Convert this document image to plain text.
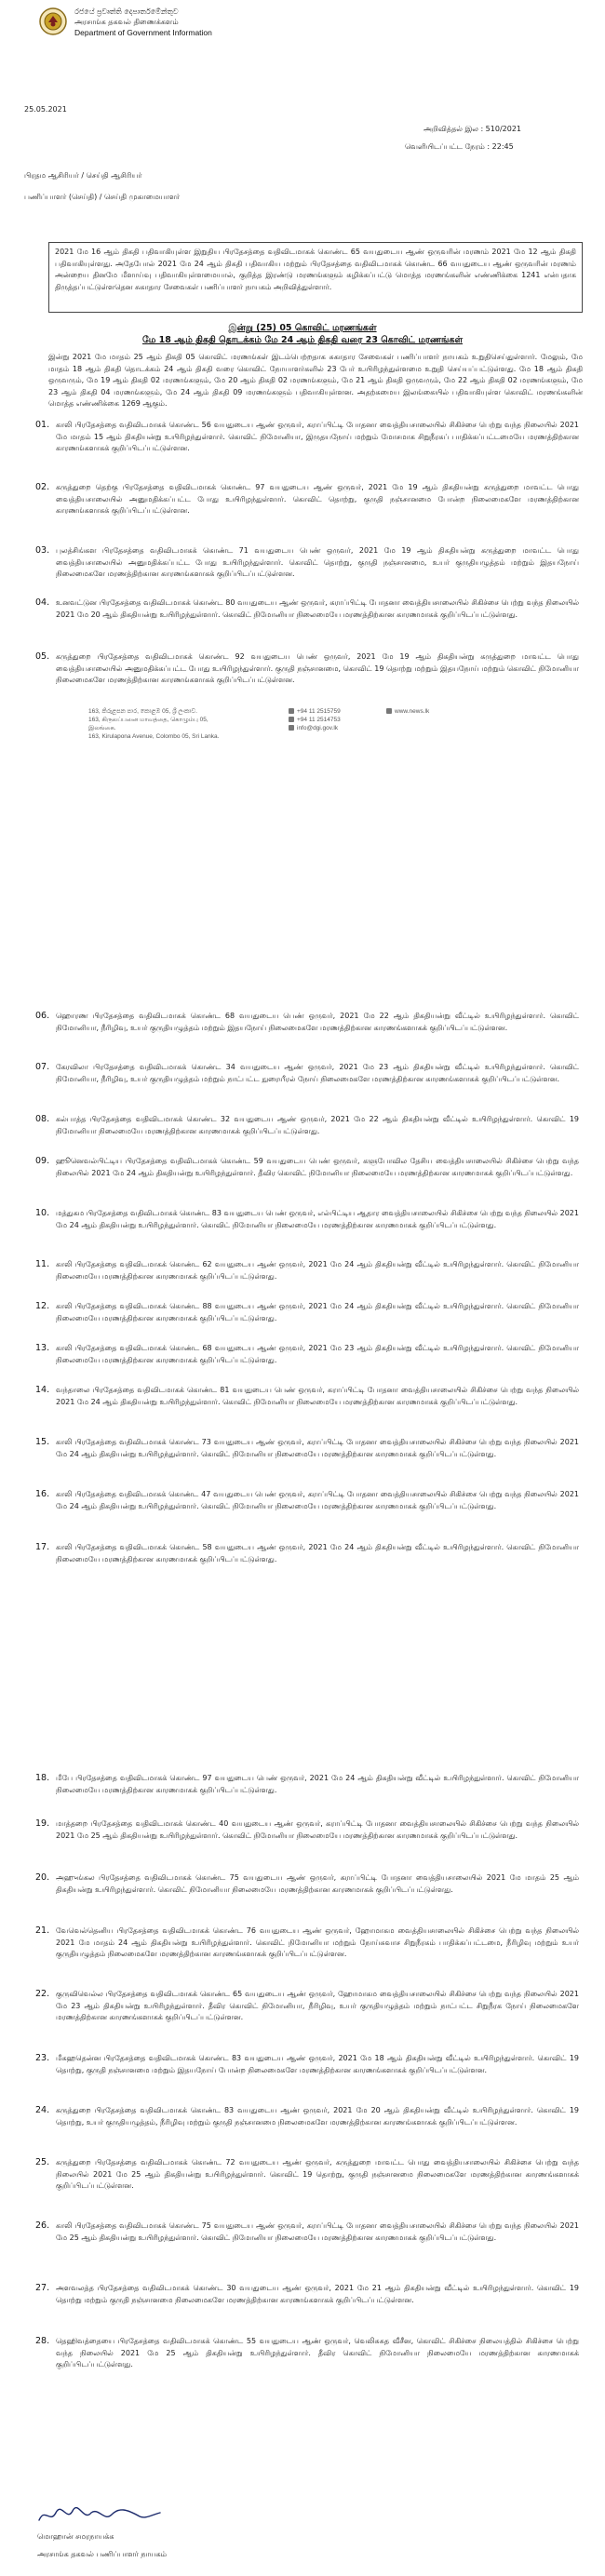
රජයේ ප්‍රවෘත්ති දෙපාර්තමේන්තුව
அரசாங்க தகவல் திணைக்களம்
Department of Government Information
25.05.2021
அறிவித்தல் இல : 510/2021
வெளியிடப்பட்ட நேரம் : 22:45
பிரதம ஆசிரியர் / செய்தி ஆசிரியர்
பணிப்பாளர் (செய்தி) / செய்தி முகாமையாளர்
2021 மே 16 ஆம் திகதி பதிவாகியுள்ள இறுதிய பிரதேசத்தை வதிவிடமாகக் கொண்ட 65 வயதுடைய ஆண் ஒருவரின் மரணம் 2021 மே 12 ஆம் திகதி பதிவாகியுள்ளது. அதேபோல் 2021 மே 24 ஆம் திகதி பதிவாகிய மற்றும் பிரதேசத்தை வதிவிடமாகக் கொண்ட 66 வயதுடைய ஆண் ஒருவரின் மரணம் அன்றைய தினமே மீளாய்வு பதிவாகியுள்ளமையால், குறித்த இரண்டு மரணங்களும் கழிக்கப்பட்டு மொத்த மரணங்களின் எண்ணிக்கை 1241 என்பதாக திருத்தப்பட்டுள்ளதென சுகாதார சேவைகள் பணிப்பாளர் நாயகம் அறிவித்துள்ளார்.
இன்று (25) 05 கொவிட் மரணங்கள்
மே 18 ஆம் திகதி தொடக்கம் மே 24 ஆம் திகதி வரை 23 கொவிட் மரணங்கள்
இன்று 2021 மே மாதம் 25 ஆம் திகதி 05 கொவிட் மரணங்கள் இடம்பெற்றதாக சுகாதார சேவைகள் பணிப்பாளர் நாயகம் உறுதிசெய்துள்ளார். மேலும், மே மாதம் 18 ஆம் திகதி தொடக்கம் 24 ஆம் திகதி வரை கொவிட் நோயாளர்களில் 23 பேர் உயிரிழந்துள்ளமை உறுதி செய்யப்பட்டுள்ளது. மே 18 ஆம் திகதி ஒருவரும், மே 19 ஆம் திகதி 02 மரணங்களும், மே 20 ஆம் திகதி 02 மரணங்களும், மே 21 ஆம் திகதி ஒருவரும், மே 22 ஆம் திகதி 02 மரணங்களும், மே 23 ஆம் திகதி 04 மரணங்களும், மே 24 ஆம் திகதி 09 மரணங்களும் பதிவாகியுள்ளன. அதற்கமைய இலங்கையில் பதிவாகியுள்ள கொவிட் மரணங்களின் மொத்த எண்ணிக்கை 1269 ஆகும்.
01. காலி பிரதேசத்தை வதிவிடமாகக் கொண்ட 56 வயதுடைய ஆண் ஒருவர், கராப்பிட்டி போதனா வைத்தியசாலையில் சிகிச்சை பெற்று வந்த நிலையில் 2021 மே மாதம் 15 ஆம் திகதியன்று உயிரிழந்துள்ளார். கொவிட் நிமோனியா, இருதயநோய் மற்றும் மோசமாக சிறுநீரகப் பாதிக்கப்பட்டமையே மரணத்திற்கான காரணங்களாகக் குறிப்பிடப்பட்டுள்ளன.
02. கருத்துறை தெற்கு பிரதேசத்தை வதிவிடமாகக் கொண்ட 97 வயதுடைய ஆண் ஒருவர், 2021 மே 19 ஆம் திகதியன்று கருத்துறை மாவட்ட பொது வைத்தியசாலையில் அனுமதிக்கப்பட்ட போது உயிரிழந்துள்ளார். கொவிட் தொற்று, குருதி நஞ்சானமை போன்ற நிலைமைகளே மரணத்திற்கான காரணங்களாகக் குறிப்பிடப்பட்டுள்ளன.
03. புலத்சிங்கள பிரதேசத்தை வதிவிடமாகக் கொண்ட 71 வயதுடைய பெண் ஒருவர், 2021 மே 19 ஆம் திகதியன்று கருத்துறை மாவட்ட பொது வைத்தியசாலையில் அனுமதிக்கப்பட்ட போது உயிரிழந்துள்ளார். கொவிட் தொற்று, குருதி நஞ்சானமை, உயர் குருதியழுத்தம் மற்றும் இதயநோய் நிலைமைகளே மரணத்திற்கான காரணங்களாகக் குறிப்பிடப்பட்டுள்ளன.
04. உனவட்டுன பிரதேசத்தை வதிவிடமாகக் கொண்ட 80 வயதுடைய ஆண் ஒருவர், கராப்பிட்டி போதனா வைத்தியசாலையில் சிகிச்சை பெற்று வந்த நிலையில் 2021 மே 20 ஆம் திகதியன்று உயிரிழந்துள்ளார். கொவிட் நிமோனியா நிலைமையே மரணத்திற்கான காரணமாகக் குறிப்பிடப்பட்டுள்ளது.
05. கருத்துறை பிரதேசத்தை வதிவிடமாகக் கொண்ட 92 வயதுடைய பெண் ஒருவர், 2021 மே 19 ஆம் திகதியன்று கருத்துறை மாவட்ட பொது வைத்தியசாலையில் அனுமதிக்கப்பட்ட போது உயிரிழந்துள்ளார். குருதி நஞ்சானமை, கொவிட் 19 தொற்று மற்றும் இதயநோய் மற்றும் கொவிட் நிமோனியா நிலைமைகளே மரணத்திற்கான காரணங்களாகக் குறிப்பிடப்பட்டுள்ளன.
163, කිරුළපන පාර, කොළඹ 05, ශ්‍රී ලංකාව.
163, கிருலப்பனை மாவத்தை, கொழும்பு 05, இலங்கை.
163, Kirulapona Avenue, Colombo 05, Sri Lanka.
+94 11 2515759
+94 11 2514753
info@dgi.gov.lk
www.news.lk
06. ஹொரண பிரதேசத்தை வதிவிடமாகக் கொண்ட 68 வயதுடைய பெண் ஒருவர், 2021 மே 22 ஆம் திகதியன்று வீட்டில் உயிரிழந்துள்ளார். கொவிட் நிமோனியா, நீரிழிவு, உயர் குருதியழுத்தம் மற்றும் இதயநோய் நிலைமைகளே மரணத்திற்கான காரணங்களாகக் குறிப்பிடப்பட்டுள்ளன.
07. கேரவிலா பிரதேசத்தை வதிவிடமாகக் கொண்ட 34 வயதுடைய ஆண் ஒருவர், 2021 மே 23 ஆம் திகதியன்று வீட்டில் உயிரிழந்துள்ளார். கொவிட் நிமோனியா, நீரிழிவு, உயர் குருதியழுத்தம் மற்றும் நாட்பட்ட நுரையீரல் நோய் நிலைமைகளே மரணத்திற்கான காரணங்களாகக் குறிப்பிடப்பட்டுள்ளன.
08. கல்பாத்த பிரதேசத்தை வதிவிடமாகக் கொண்ட 32 வயதுடைய ஆண் ஒருவர், 2021 மே 22 ஆம் திகதியன்று வீட்டில் உயிரிழந்துள்ளார். கொவிட் 19 நிமோனியா நிலைமையே மரணத்திற்கான காரணமாகக் குறிப்பிடப்பட்டுள்ளது.
09. ஹூனெவல்பிட்டிய பிரதேசத்தை வதிவிடமாகக் கொண்ட 59 வயதுடைய பெண் ஒருவர், களுபோவில தேசிய வைத்தியசாலையில் சிகிச்சை பெற்று வந்த நிலையில் 2021 மே 24 ஆம் திகதியன்று உயிரிழந்துள்ளார். தீவிர கொவிட் நிமோனியா நிலைமையே மரணத்திற்கான காரணமாகக் குறிப்பிடப்பட்டுள்ளது.
10. மத்துகம பிரதேசத்தை வதிவிடமாகக் கொண்ட 83 வயதுடைய பெண் ஒருவர், எல்பிட்டிய ஆதார வைத்தியசாலையில் சிகிச்சை பெற்று வந்த நிலையில் 2021 மே 24 ஆம் திகதியன்று உயிரிழந்துள்ளார். கொவிட் நிமோனியா நிலைமையே மரணத்திற்கான காரணமாகக் குறிப்பிடப்பட்டுள்ளது.
11. காலி பிரதேசத்தை வதிவிடமாகக் கொண்ட 62 வயதுடைய ஆண் ஒருவர், 2021 மே 24 ஆம் திகதியன்று வீட்டில் உயிரிழந்துள்ளார். கொவிட் நிமோனியா நிலைமையே மரணத்திற்கான காரணமாகக் குறிப்பிடப்பட்டுள்ளது.
12. காலி பிரதேசத்தை வதிவிடமாகக் கொண்ட 88 வயதுடைய ஆண் ஒருவர், 2021 மே 24 ஆம் திகதியன்று வீட்டில் உயிரிழந்துள்ளார். கொவிட் நிமோனியா நிலைமையே மரணத்திற்கான காரணமாகக் குறிப்பிடப்பட்டுள்ளது.
13. காலி பிரதேசத்தை வதிவிடமாகக் கொண்ட 68 வயதுடைய ஆண் ஒருவர், 2021 மே 23 ஆம் திகதியன்று வீட்டில் உயிரிழந்துள்ளார். கொவிட் நிமோனியா நிலைமையே மரணத்திற்கான காரணமாகக் குறிப்பிடப்பட்டுள்ளது.
14. வந்தாலை பிரதேசத்தை வதிவிடமாகக் கொண்ட 81 வயதுடைய பெண் ஒருவர், கராப்பிட்டி போதனா வைத்தியசாலையில் சிகிச்சை பெற்று வந்த நிலையில் 2021 மே 24 ஆம் திகதியன்று உயிரிழந்துள்ளார். கொவிட் நிமோனியா நிலைமையே மரணத்திற்கான காரணமாகக் குறிப்பிடப்பட்டுள்ளது.
15. காலி பிரதேசத்தை வதிவிடமாகக் கொண்ட 73 வயதுடைய ஆண் ஒருவர், கராப்பிட்டி போதனா வைத்தியசாலையில் சிகிச்சை பெற்று வந்த நிலையில் 2021 மே 24 ஆம் திகதியன்று உயிரிழந்துள்ளார். கொவிட் நிமோனியா நிலைமையே மரணத்திற்கான காரணமாகக் குறிப்பிடப்பட்டுள்ளது.
16. காலி பிரதேசத்தை வதிவிடமாகக் கொண்ட 47 வயதுடைய பெண் ஒருவர், கராப்பிட்டி போதனா வைத்தியசாலையில் சிகிச்சை பெற்று வந்த நிலையில் 2021 மே 24 ஆம் திகதியன்று உயிரிழந்துள்ளார். கொவிட் நிமோனியா நிலைமையே மரணத்திற்கான காரணமாகக் குறிப்பிடப்பட்டுள்ளது.
17. காலி பிரதேசத்தை வதிவிடமாகக் கொண்ட 58 வயதுடைய ஆண் ஒருவர், 2021 மே 24 ஆம் திகதியன்று வீட்டில் உயிரிழந்துள்ளார். கொவிட் நிமோனியா நிலைமையே மரணத்திற்கான காரணமாகக் குறிப்பிடப்பட்டுள்ளது.
18. மீபே பிரதேசத்தை வதிவிடமாகக் கொண்ட 97 வயதுடைய பெண் ஒருவர், 2021 மே 24 ஆம் திகதியன்று வீட்டில் உயிரிழந்துள்ளார். கொவிட் நிமோனியா நிலைமையே மரணத்திற்கான காரணமாகக் குறிப்பிடப்பட்டுள்ளது.
19. மாத்தறை பிரதேசத்தை வதிவிடமாகக் கொண்ட 40 வயதுடைய ஆண் ஒருவர், கராப்பிட்டி போதனா வைத்தியசாலையில் சிகிச்சை பெற்று வந்த நிலையில் 2021 மே 25 ஆம் திகதியன்று உயிரிழந்துள்ளார். கொவிட் நிமோனியா நிலைமையே மரணத்திற்கான காரணமாகக் குறிப்பிடப்பட்டுள்ளது.
20. அஹுங்கல பிரதேசத்தை வதிவிடமாகக் கொண்ட 75 வயதுடைய ஆண் ஒருவர், கராப்பிட்டி போதனா வைத்தியசாலையில் 2021 மே மாதம் 25 ஆம் திகதியன்று உயிரிழந்துள்ளார். கொவிட் நிமோனியா நிலைமையே மரணத்திற்கான காரணமாகக் குறிப்பிடப்பட்டுள்ளது.
21. வேவெல்தெனிய பிரதேசத்தை வதிவிடமாகக் கொண்ட 76 வயதுடைய ஆண் ஒருவர், ஹோமாகம வைத்தியசாலையில் சிகிச்சை பெற்று வந்த நிலையில் 2021 மே மாதம் 24 ஆம் திகதியன்று உயிரிழந்துள்ளார். கொவிட் நிமோனியா மற்றும் நோய்சுவாச சிறுநீரகம் பாதிக்கப்பட்டமை, நீரிழிவு மற்றும் உயர் குருதியழுத்தம் நிலைமைகளே மரணத்திற்கான காரணங்களாகக் குறிப்பிடப்பட்டுள்ளன.
22. குருவிவெல்ல பிரதேசத்தை வதிவிடமாகக் கொண்ட 65 வயதுடைய ஆண் ஒருவர், ஹோமாகம வைத்தியசாலையில் சிகிச்சை பெற்று வந்த நிலையில் 2021 மே 23 ஆம் திகதியன்று உயிரிழந்துள்ளார். தீவிர கொவிட் நிமோனியா, நீரிழிவு, உயர் குருதியழுத்தம் மற்றும் நாட்பட்ட சிறுநீரக நோய் நிலைமைகளே மரணத்திற்கான காரணங்களாகக் குறிப்பிடப்பட்டுள்ளன.
23. மீகஹதென்ன பிரதேசத்தை வதிவிடமாகக் கொண்ட 83 வயதுடைய ஆண் ஒருவர், 2021 மே 18 ஆம் திகதியன்று வீட்டில் உயிரிழந்துள்ளார். கொவிட் 19 தொற்று, குருதி நஞ்சானமை மற்றும் இதயநோய் போன்ற நிலைமைகளே மரணத்திற்கான காரணங்களாகக் குறிப்பிடப்பட்டுள்ளன.
24. கருத்துறை பிரதேசத்தை வதிவிடமாகக் கொண்ட 83 வயதுடைய ஆண் ஒருவர், 2021 மே 20 ஆம் திகதியன்று வீட்டில் உயிரிழந்துள்ளார். கொவிட் 19 தொற்று, உயர் குருதியழுத்தம், நீரிழிவு மற்றும் குருதி நஞ்சானமை நிலைமைகளே மரணத்திற்கான காரணங்களாகக் குறிப்பிடப்பட்டுள்ளன.
25. கருத்துறை பிரதேசத்தை வதிவிடமாகக் கொண்ட 72 வயதுடைய ஆண் ஒருவர், கருத்துறை மாவட்ட பொது வைத்தியசாலையில் சிகிச்சை பெற்று வந்த நிலையில் 2021 மே 25 ஆம் திகதியன்று உயிரிழந்துள்ளார். கொவிட் 19 தொற்று, குருதி நஞ்சானமை நிலைமைகளே மரணத்திற்கான காரணங்களாகக் குறிப்பிடப்பட்டுள்ளன.
26. காலி பிரதேசத்தை வதிவிடமாகக் கொண்ட 75 வயதுடைய ஆண் ஒருவர், கராப்பிட்டி போதனா வைத்தியசாலையில் சிகிச்சை பெற்று வந்த நிலையில் 2021 மே 25 ஆம் திகதியன்று உயிரிழந்துள்ளார். கொவிட் நிமோனியா நிலைமையே மரணத்திற்கான காரணமாகக் குறிப்பிடப்பட்டுள்ளது.
27. அளவலத்த பிரதேசத்தை வதிவிடமாகக் கொண்ட 30 வயதுடைய ஆண் ஒருவர், 2021 மே 21 ஆம் திகதியன்று வீட்டில் உயிரிழந்துள்ளார். கொவிட் 19 தொற்று மற்றும் குருதி நஞ்சானமை நிலைமைகளே மரணத்திற்கான காரணங்களாகக் குறிப்பிடப்பட்டுள்ளன.
28. தெஹிவத்தையை பிரதேசத்தை வதிவிடமாகக் கொண்ட 55 வயதுடைய ஆண் ஒருவர், வெலிசுசுத வீசீன, கொவிட் சிகிச்சை நிலையத்தில் சிகிச்சை பெற்று வந்த நிலையில் 2021 மே 25 ஆம் திகதியன்று உயிரிழந்துள்ளார். தீவிர கொவிட் நிமோனியா நிலைமையே மரணத்திற்கான காரணமாகக் குறிப்பிடப்பட்டுள்ளது.
மொஹான் சமரநாயக்க
அரசாங்க தகவல் பணிப்பாளர் நாயகம்
